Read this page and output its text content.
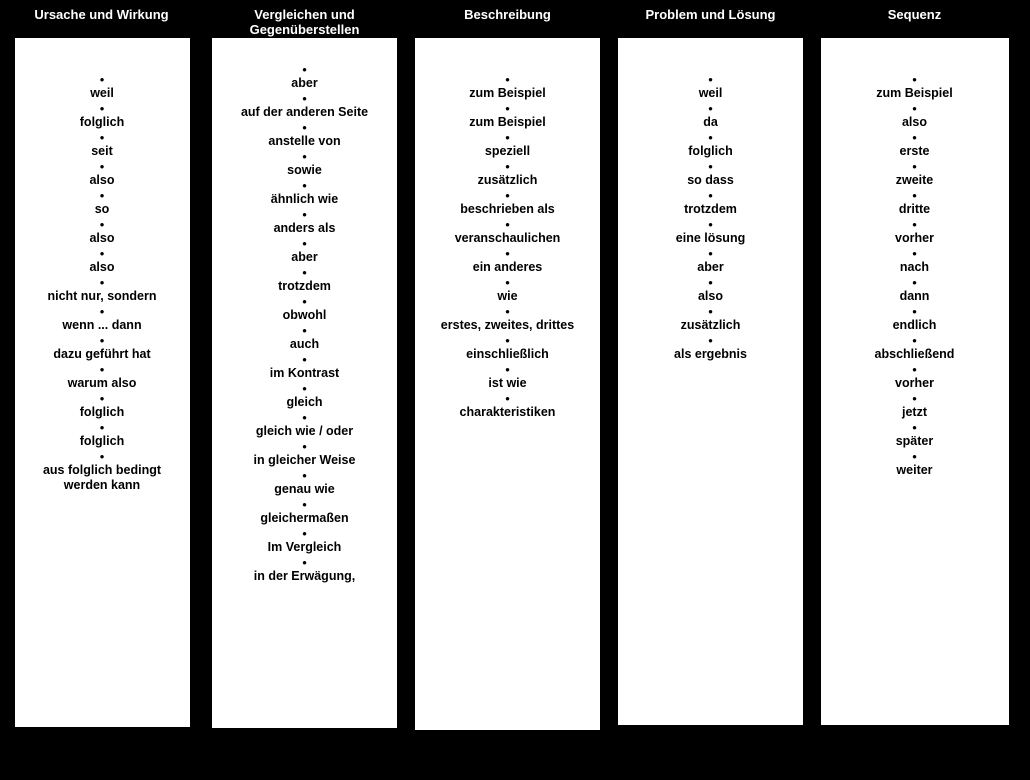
Ursache und Wirkung
•
weil
•
folglich
•
seit
•
also
•
so
•
also
•
also
•
nicht nur, sondern
•
wenn ... dann
•
dazu geführt hat
•
warum also
•
folglich
•
folglich
•
aus folglich bedingt werden kann
Vergleichen und Gegenüberstellen
•
aber
•
auf der anderen Seite
•
anstelle von
•
sowie
•
ähnlich wie
•
anders als
•
aber
•
trotzdem
•
obwohl
•
auch
•
im Kontrast
•
gleich
•
gleich wie / oder
•
in gleicher Weise
•
genau wie
•
gleichermaßen
•
Im Vergleich
•
in der Erwägung,
Beschreibung
•
zum Beispiel
•
zum Beispiel
•
speziell
•
zusätzlich
•
beschrieben als
•
veranschaulichen
•
ein anderes
•
wie
•
erstes, zweites, drittes
•
einschließlich
•
ist wie
•
charakteristiken
Problem und Lösung
•
weil
•
da
•
folglich
•
so dass
•
trotzdem
•
eine lösung
•
aber
•
also
•
zusätzlich
•
als ergebnis
Sequenz
•
zum Beispiel
•
also
•
erste
•
zweite
•
dritte
•
vorher
•
nach
•
dann
•
endlich
•
abschließend
•
vorher
•
jetzt
•
später
•
weiter
